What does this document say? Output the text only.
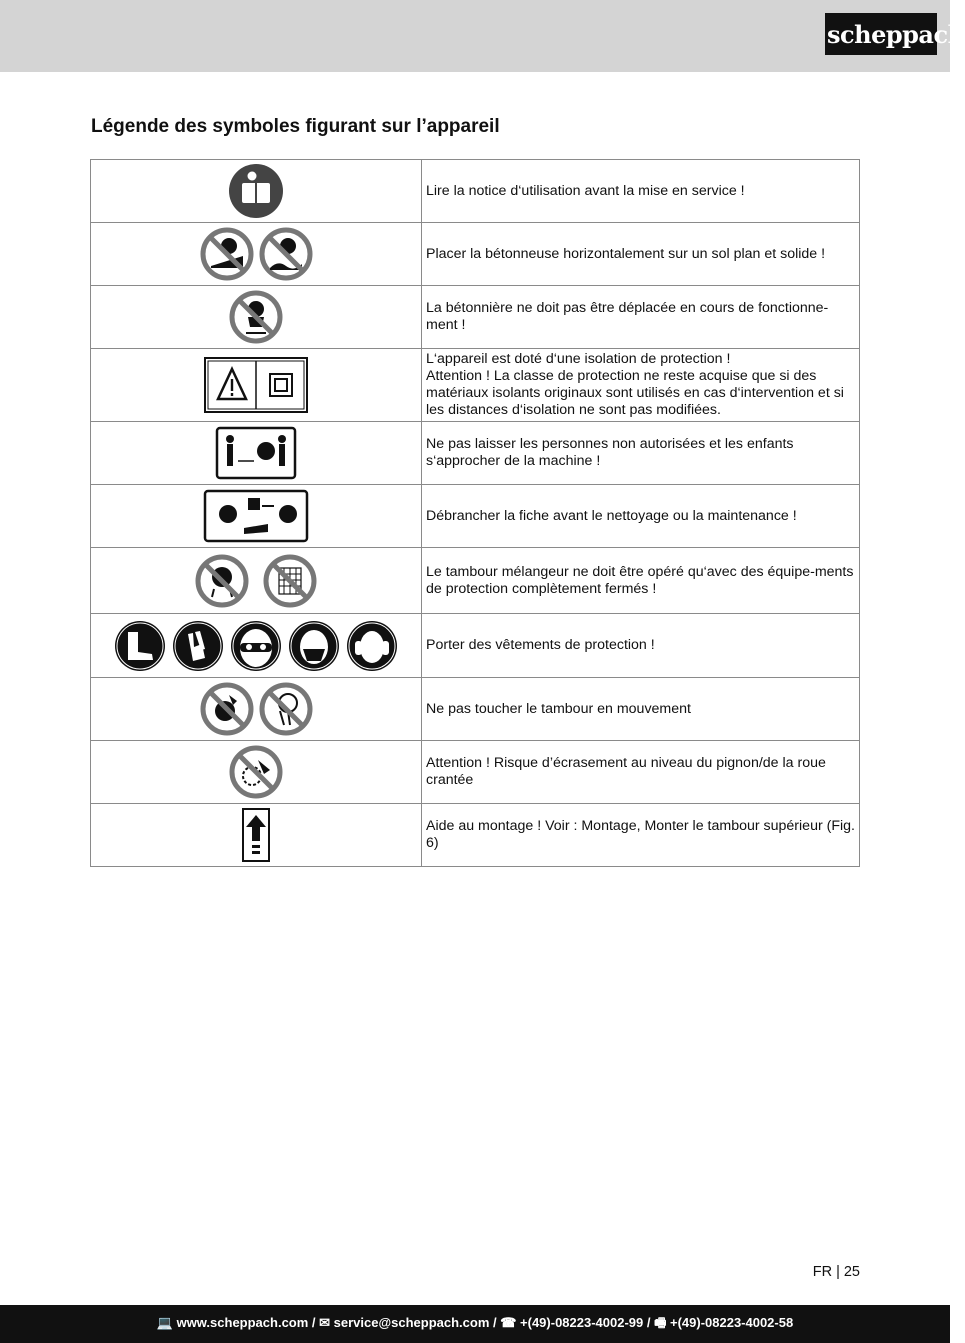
scheppach
Légende des symboles figurant sur l’appareil
	Lire la notice d‘utilisation avant la mise en service !

	Placer la bétonneuse horizontalement sur un sol plan et solide !

	La bétonnière ne doit pas être déplacée en cours de fonctionne-ment !

	L‘appareil est doté d‘une isolation de protection !
Attention ! La classe de protection ne reste acquise que si des matériaux isolants originaux sont utilisés en cas d‘intervention et si les distances d‘isolation ne sont pas modifiées.

	Ne pas laisser les personnes non autorisées et les enfants s‘approcher de la machine !

	Débrancher la fiche avant le nettoyage ou la maintenance !

	Le tambour mélangeur ne doit être opéré qu‘avec des équipe-ments de protection complètement fermés !

	Porter des vêtements de protection !

	Ne pas toucher le tambour en mouvement

	Attention ! Risque d’écrasement au niveau du pignon/de la roue crantée

	Aide au montage ! Voir : Montage, Monter le tambour supérieur (Fig. 6)
FR | 25
💻 www.scheppach.com / ✉ service@scheppach.com / ☎ +(49)-08223-4002-99 / 🖷 +(49)-08223-4002-58
